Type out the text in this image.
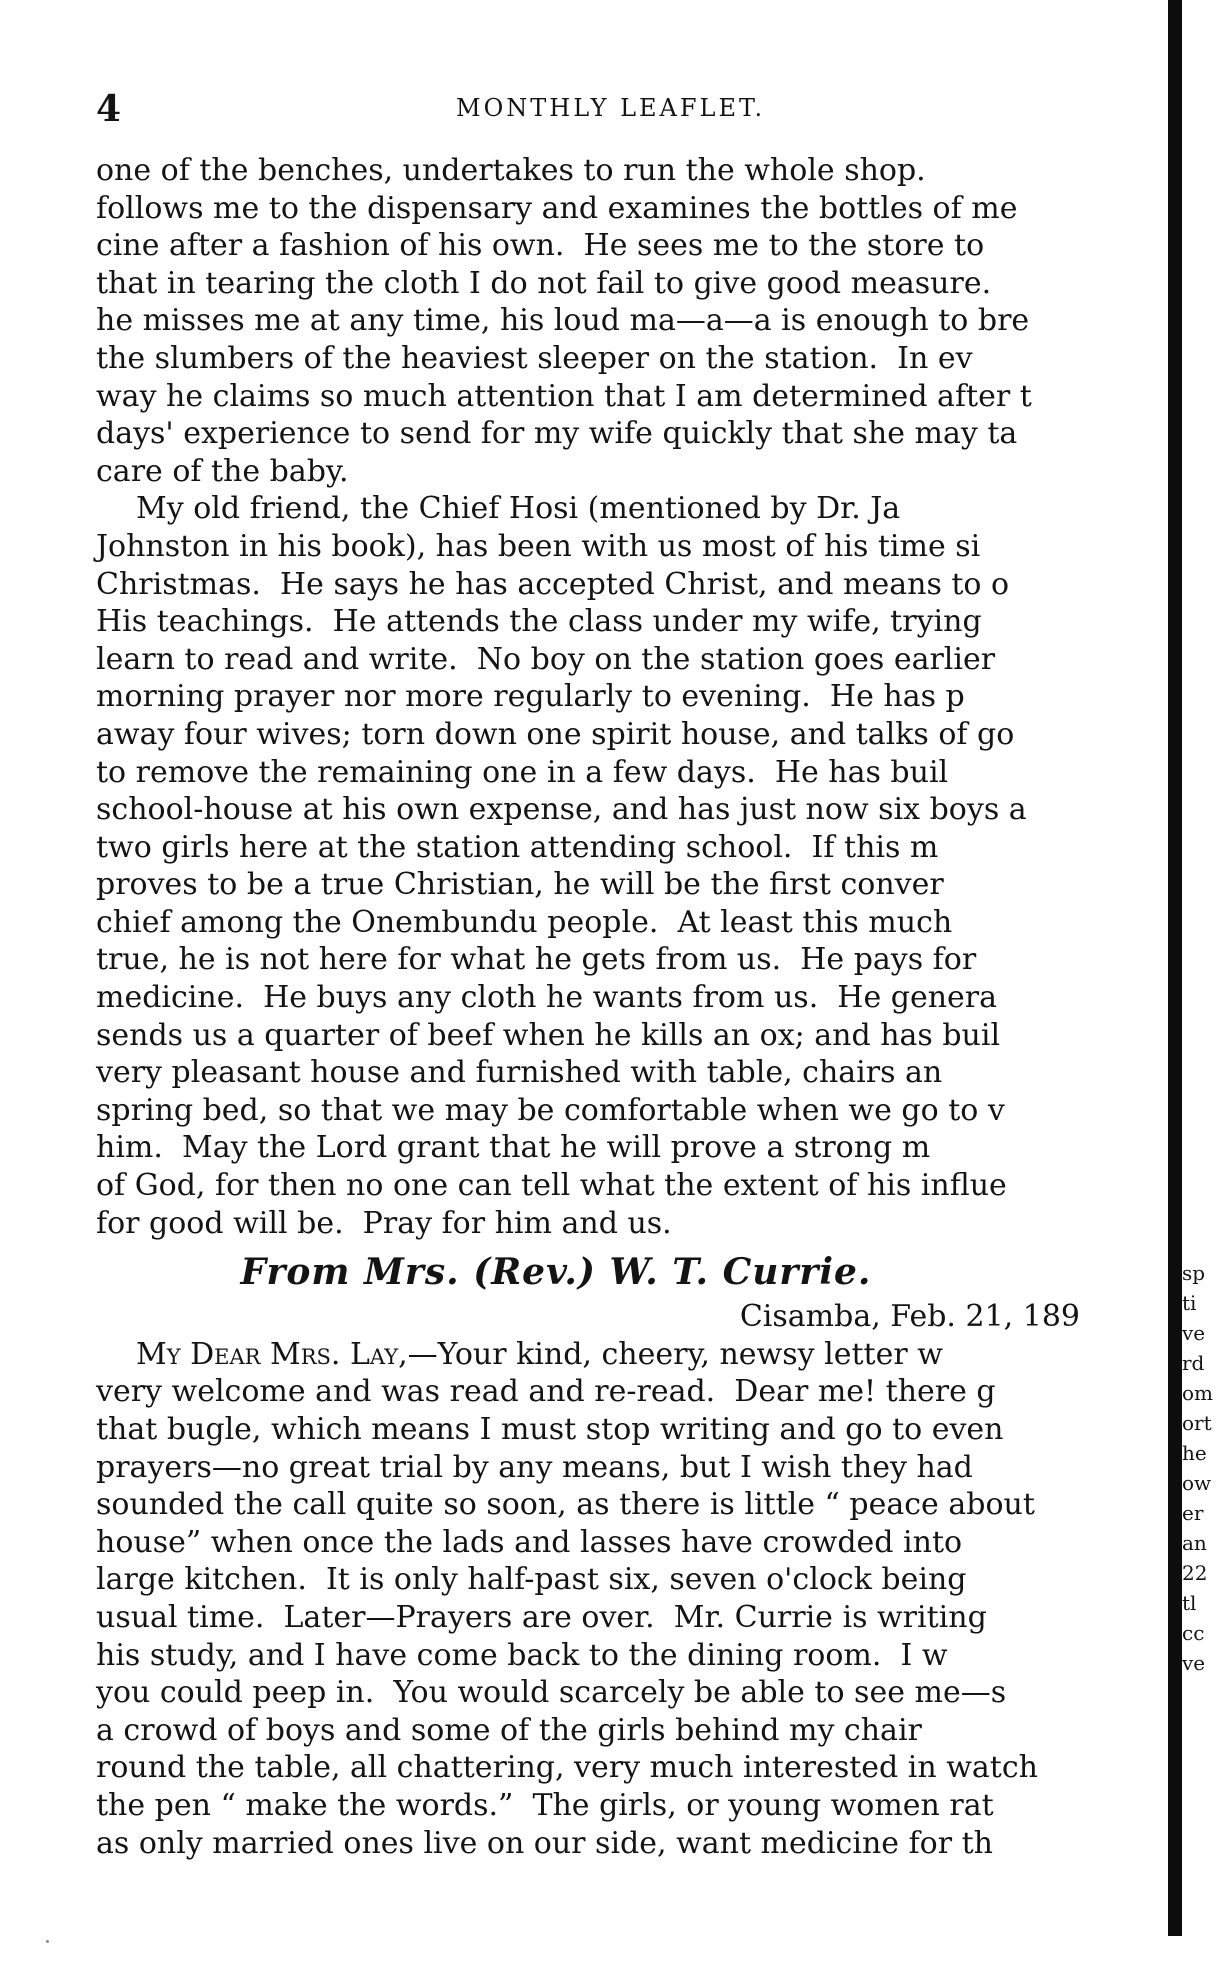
4	MONTHLY LEAFLET.
one of the benches, undertakes to run the whole shop.
follows me to the dispensary and examines the bottles of me
cine after a fashion of his own.  He sees me to the store to
that in tearing the cloth I do not fail to give good measure.
he misses me at any time, his loud ma—a—a is enough to bre
the slumbers of the heaviest sleeper on the station.  In ev
way he claims so much attention that I am determined after t
days' experience to send for my wife quickly that she may ta
care of the baby.
My old friend, the Chief Hosi (mentioned by Dr. Ja
Johnston in his book), has been with us most of his time si
Christmas.  He says he has accepted Christ, and means to o
His teachings.  He attends the class under my wife, trying
learn to read and write.  No boy on the station goes earlier
morning prayer nor more regularly to evening.  He has p
away four wives; torn down one spirit house, and talks of go
to remove the remaining one in a few days.  He has buil
school-house at his own expense, and has just now six boys a
two girls here at the station attending school.  If this m
proves to be a true Christian, he will be the first conver
chief among the Onembundu people.  At least this much
true, he is not here for what he gets from us.  He pays for
medicine.  He buys any cloth he wants from us.  He genera
sends us a quarter of beef when he kills an ox; and has buil
very pleasant house and furnished with table, chairs an
spring bed, so that we may be comfortable when we go to v
him.  May the Lord grant that he will prove a strong m
of God, for then no one can tell what the extent of his influe
for good will be.  Pray for him and us.
From Mrs. (Rev.) W. T. Currie.
Cisamba, Feb. 21, 189
My Dear Mrs. Lay,—Your kind, cheery, newsy letter w
very welcome and was read and re-read.  Dear me! there g
that bugle, which means I must stop writing and go to even
prayers—no great trial by any means, but I wish they had
sounded the call quite so soon, as there is little “ peace about
house” when once the lads and lasses have crowded into
large kitchen.  It is only half-past six, seven o'clock being
usual time.  Later—Prayers are over.  Mr. Currie is writing
his study, and I have come back to the dining room.  I w
you could peep in.  You would scarcely be able to see me—s
a crowd of boys and some of the girls behind my chair
round the table, all chattering, very much interested in watch
the pen “ make the words.”  The girls, or young women rat
as only married ones live on our side, want medicine for th
sp
ti
ve
rd
om
ort
he
ow
er
an
22
tl
cc
ve
